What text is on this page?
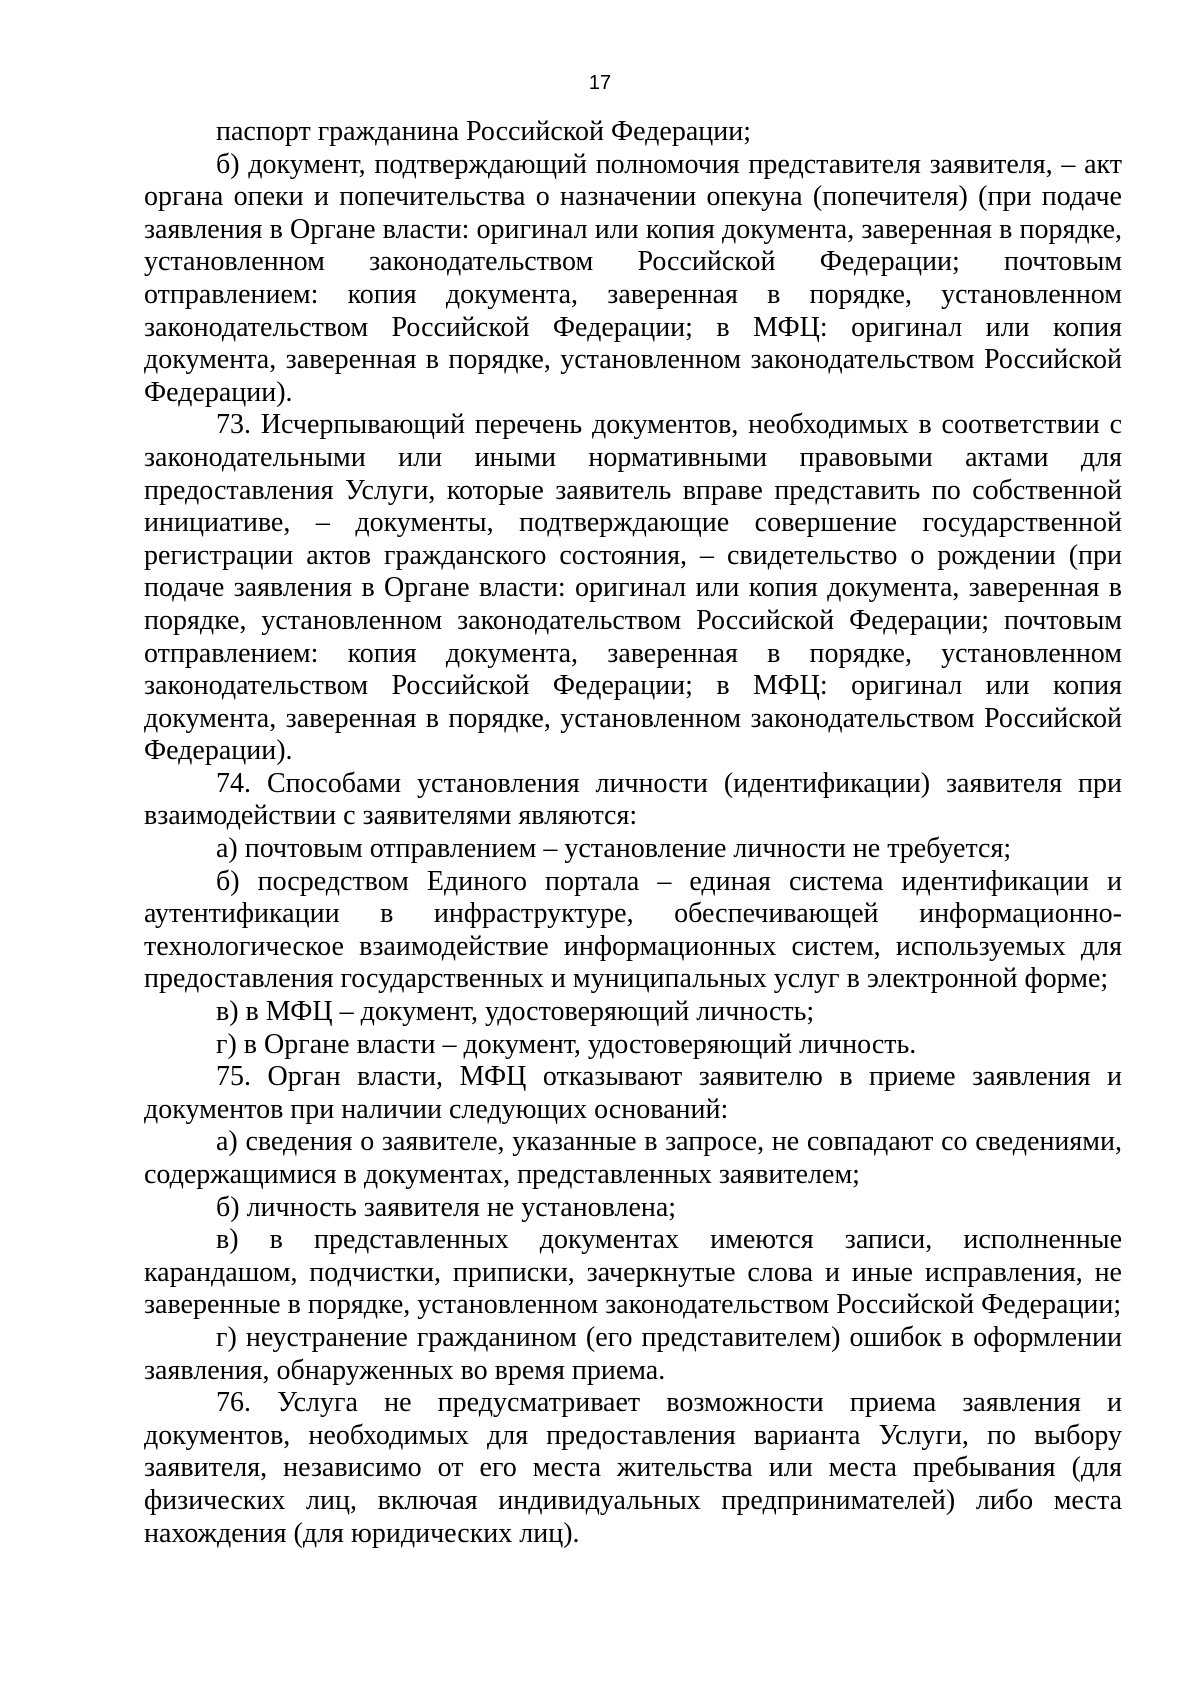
17

паспорт гражданина Российской Федерации;

б) документ, подтверждающий полномочия представителя заявителя, – акт органа опеки и попечительства о назначении опекуна (попечителя) (при подаче заявления в Органе власти: оригинал или копия документа, заверенная в порядке, установленном законодательством Российской Федерации; почтовым отправлением: копия документа, заверенная в порядке, установленном законодательством Российской Федерации; в МФЦ: оригинал или копия документа, заверенная в порядке, установленном законодательством Российской Федерации).

73. Исчерпывающий перечень документов, необходимых в соответствии с законодательными или иными нормативными правовыми актами для предоставления Услуги, которые заявитель вправе представить по собственной инициативе, – документы, подтверждающие совершение государственной регистрации актов гражданского состояния, – свидетельство о рождении (при подаче заявления в Органе власти: оригинал или копия документа, заверенная в порядке, установленном законодательством Российской Федерации; почтовым отправлением: копия документа, заверенная в порядке, установленном законодательством Российской Федерации; в МФЦ: оригинал или копия документа, заверенная в порядке, установленном законодательством Российской Федерации).

74. Способами установления личности (идентификации) заявителя при взаимодействии с заявителями являются:

а) почтовым отправлением – установление личности не требуется;

б) посредством Единого портала – единая система идентификации и аутентификации в инфраструктуре, обеспечивающей информационно-технологическое взаимодействие информационных систем, используемых для предоставления государственных и муниципальных услуг в электронной форме;

в) в МФЦ – документ, удостоверяющий личность;

г) в Органе власти – документ, удостоверяющий личность.

75. Орган власти, МФЦ отказывают заявителю в приеме заявления и документов при наличии следующих оснований:

а) сведения о заявителе, указанные в запросе, не совпадают со сведениями, содержащимися в документах, представленных заявителем;

б) личность заявителя не установлена;

в) в представленных документах имеются записи, исполненные карандашом, подчистки, приписки, зачеркнутые слова и иные исправления, не заверенные в порядке, установленном законодательством Российской Федерации;

г) неустранение гражданином (его представителем) ошибок в оформлении заявления, обнаруженных во время приема.

76. Услуга не предусматривает возможности приема заявления и документов, необходимых для предоставления варианта Услуги, по выбору заявителя, независимо от его места жительства или места пребывания (для физических лиц, включая индивидуальных предпринимателей) либо места нахождения (для юридических лиц).
